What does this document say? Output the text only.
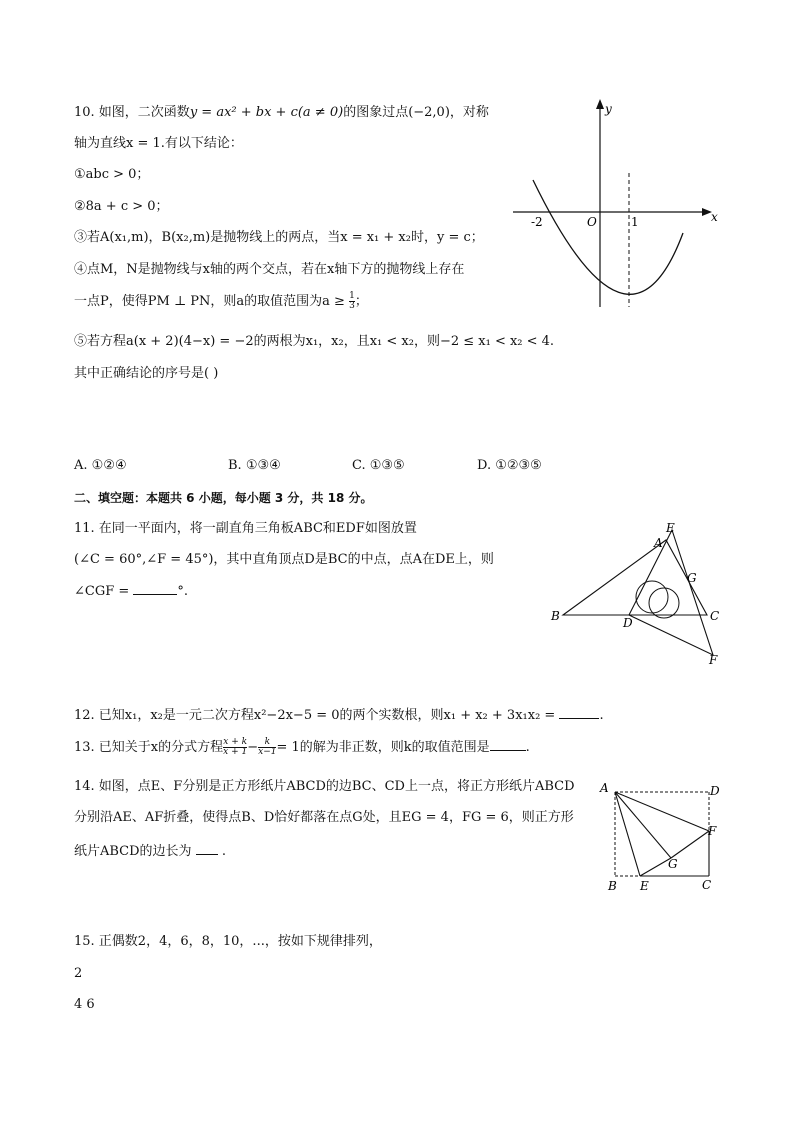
10. 如图，二次函数y = ax² + bx + c(a ≠ 0)的图象过点(−2,0)，对称
轴为直线x = 1.有以下结论：
①abc > 0；
②8a + c > 0；
③若A(x₁,m)，B(x₂,m)是抛物线上的两点，当x = x₁ + x₂时，y = c；
④点M，N是抛物线与x轴的两个交点，若在x轴下方的抛物线上存在
一点P，使得PM ⊥ PN，则a的取值范围为$a \ge \frac{1}{3}$ ；
⑤若方程a(x + 2)(4−x) = −2的两根为x₁，x₂，且x₁ < x₂，则−2 ≤ x₁ < x₂ < 4.
其中正确结论的序号是( )
y
x
-2	O	1
A. ①②④	B. ①③④	C. ①③⑤	D. ①②③⑤
二、填空题：本题共 6 小题，每小题 3 分，共 18 分。
11. 在同一平面内，将一副直角三角板ABC和EDF如图放置
(∠C = 60°,∠F = 45°)，其中直角顶点D是BC的中点，点A在DE上，则
∠CGF =	°.
E
A
G
B	D	C
F
12. 已知x₁，x₂是一元二次方程x²−2x−5 = 0的两个实数根，则x₁ + x₂ + 3x₁x₂ =	.
13. 已知关于x的分式方程 $\frac{x + k}{x + 1} - \frac{k}{x-1} = 1$的解为非正数，则k的取值范围是	.
14. 如图，点E、F分别是正方形纸片ABCD的边BC、CD上一点，将正方形纸片ABCD
分别沿AE、AF折叠，使得点B、D恰好都落在点G处，且EG = 4，FG = 6，则正方形
纸片ABCD的边长为  .
A	D
F
G
B E	C
15. 正偶数2，4，6，8，10，...，按如下规律排列，
2
4 6
